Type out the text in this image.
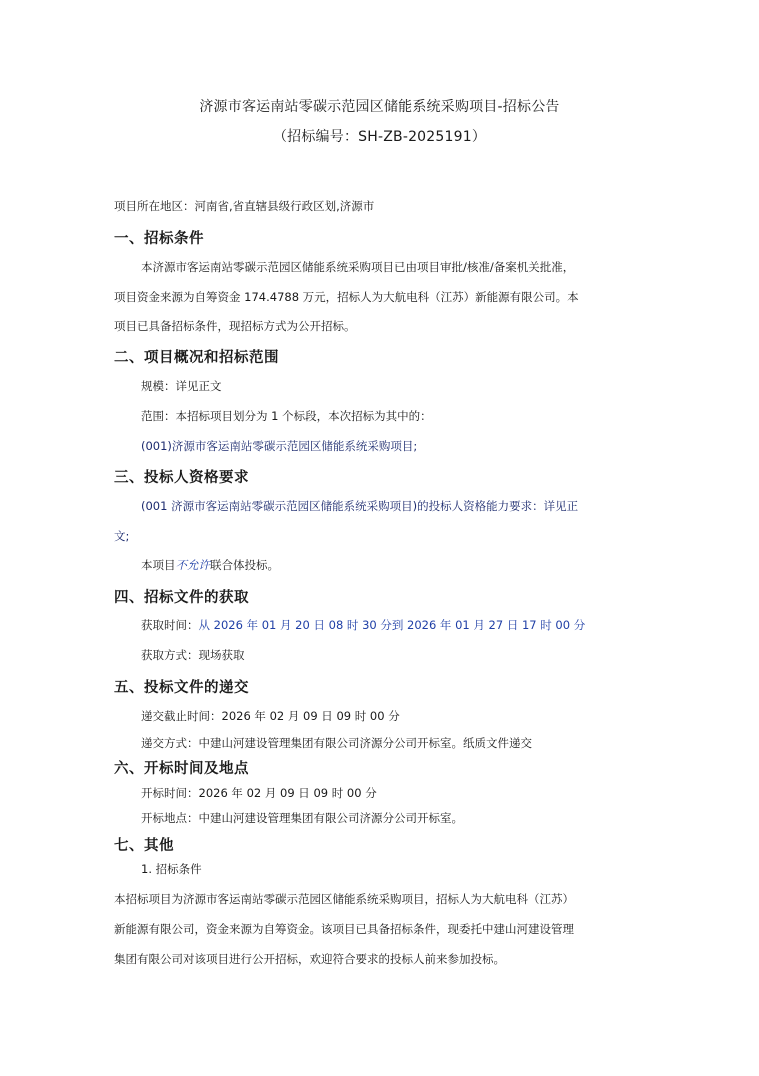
济源市客运南站零碳示范园区储能系统采购项目-招标公告
（招标编号：SH-ZB-2025191）
项目所在地区：河南省,省直辖县级行政区划,济源市
一、招标条件
本济源市客运南站零碳示范园区储能系统采购项目已由项目审批/核准/备案机关批准，
项目资金来源为自筹资金 174.4788 万元，招标人为大航电科（江苏）新能源有限公司。本
项目已具备招标条件，现招标方式为公开招标。
二、项目概况和招标范围
规模：详见正文
范围：本招标项目划分为 1 个标段，本次招标为其中的：
(001)济源市客运南站零碳示范园区储能系统采购项目;
三、投标人资格要求
(001 济源市客运南站零碳示范园区储能系统采购项目)的投标人资格能力要求：详见正
文;
本项目不允许联合体投标。
四、招标文件的获取
获取时间：从 2026 年 01 月 20 日 08 时 30 分到 2026 年 01 月 27 日 17 时 00 分
获取方式：现场获取
五、投标文件的递交
递交截止时间：2026 年 02 月 09 日 09 时 00 分
递交方式：中建山河建设管理集团有限公司济源分公司开标室。纸质文件递交
六、开标时间及地点
开标时间：2026 年 02 月 09 日 09 时 00 分
开标地点：中建山河建设管理集团有限公司济源分公司开标室。
七、其他
1. 招标条件
本招标项目为济源市客运南站零碳示范园区储能系统采购项目，招标人为大航电科（江苏）
新能源有限公司，资金来源为自筹资金。该项目已具备招标条件，现委托中建山河建设管理
集团有限公司对该项目进行公开招标，欢迎符合要求的投标人前来参加投标。
